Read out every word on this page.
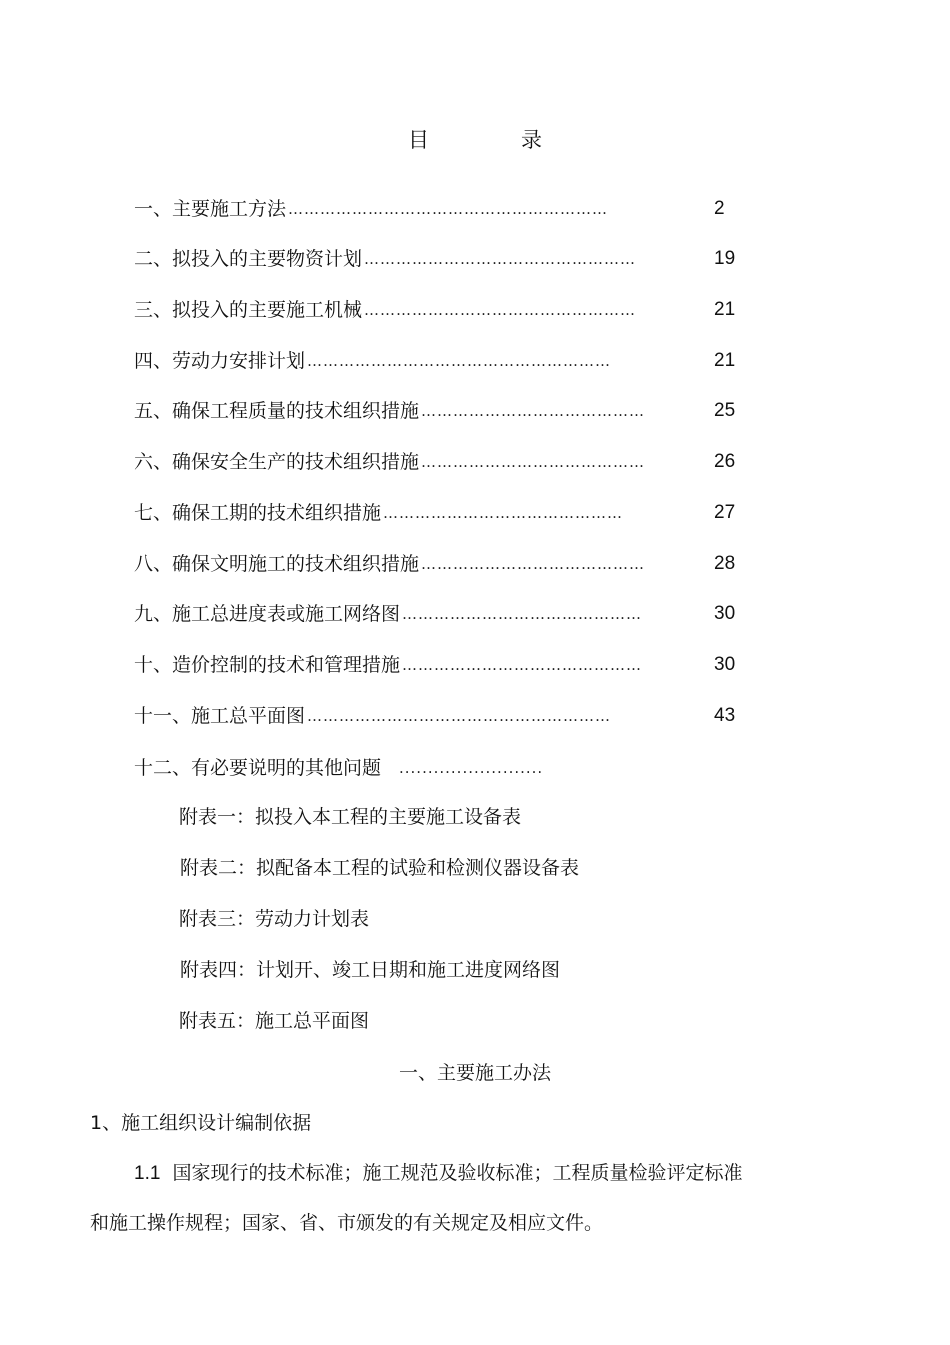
目	录
一、主要施工方法 ……………………………………………………	2
二、拟投入的主要物资计划 ……………………………………………	19
三、拟投入的主要施工机械 ……………………………………………	21
四、劳动力安排计划 …………………………………………………	21
五、确保工程质量的技术组织措施 ……………………………………	25
六、确保安全生产的技术组织措施 ……………………………………	26
七、确保工期的技术组织措施 ………………………………………	27
八、确保文明施工的技术组织措施 ……………………………………	28
九、施工总进度表或施工网络图 ………………………………………	30
十、造价控制的技术和管理措施 ………………………………………	30
十一、施工总平面图 …………………………………………………	43
十二、有必要说明的其他问题 .........................
附表一：拟投入本工程的主要施工设备表
附表二：拟配备本工程的试验和检测仪器设备表
附表三：劳动力计划表
附表四：计划开、竣工日期和施工进度网络图
附表五：施工总平面图
一、主要施工办法
1、施工组织设计编制依据
1.1 国家现行的技术标准；施工规范及验收标准；工程质量检验评定标准
和施工操作规程；国家、省、市颁发的有关规定及相应文件。
